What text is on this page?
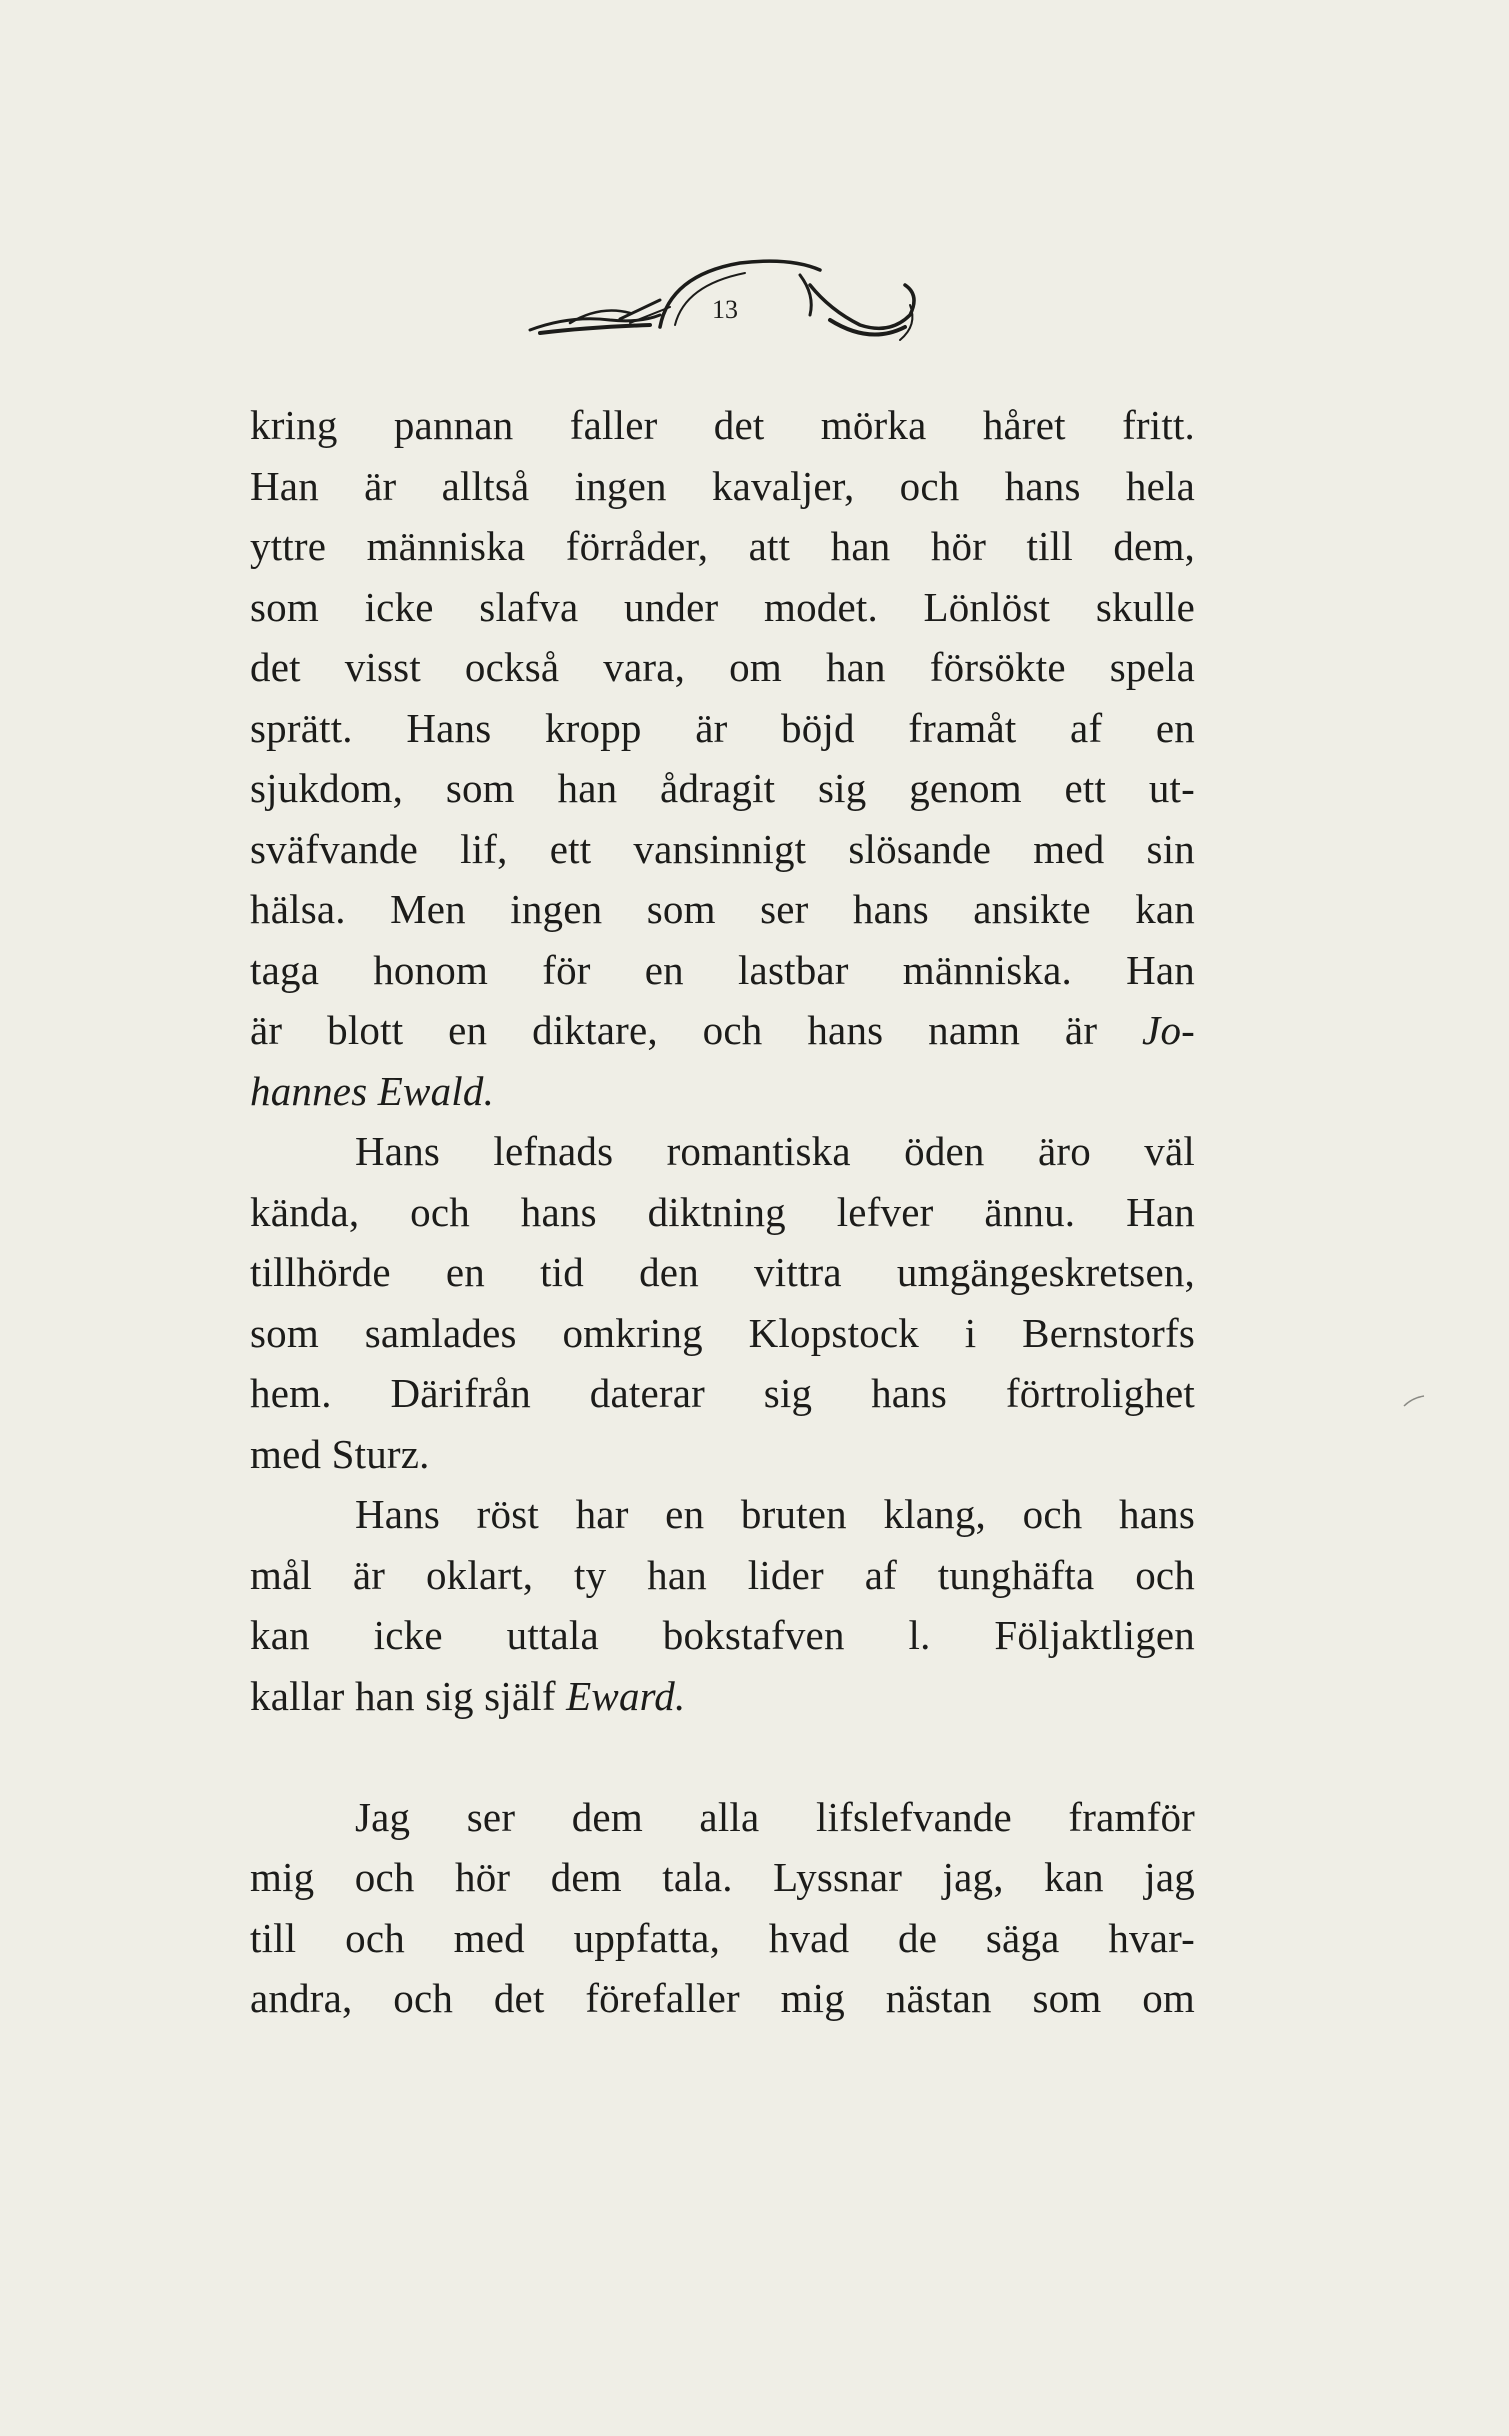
13
kring pannan faller det mörka håret fritt.
Han är alltså ingen kavaljer, och hans hela
yttre människa förråder, att han hör till dem,
som icke slafva under modet. Lönlöst skulle
det visst också vara, om han försökte spela
sprätt. Hans kropp är böjd framåt af en
sjukdom, som han ådragit sig genom ett ut-
sväfvande lif, ett vansinnigt slösande med sin
hälsa. Men ingen som ser hans ansikte kan
taga honom för en lastbar människa. Han
är blott en diktare, och hans namn är Jo-
hannes Ewald.
Hans lefnads romantiska öden äro väl
kända, och hans diktning lefver ännu. Han
tillhörde en tid den vittra umgängeskretsen,
som samlades omkring Klopstock i Bernstorfs
hem. Därifrån daterar sig hans förtrolighet
med Sturz.
Hans röst har en bruten klang, och hans
mål är oklart, ty han lider af tunghäfta och
kan icke uttala bokstafven l. Följaktligen
kallar han sig själf Eward.
Jag ser dem alla lifslefvande framför
mig och hör dem tala. Lyssnar jag, kan jag
till och med uppfatta, hvad de säga hvar-
andra, och det förefaller mig nästan som om
